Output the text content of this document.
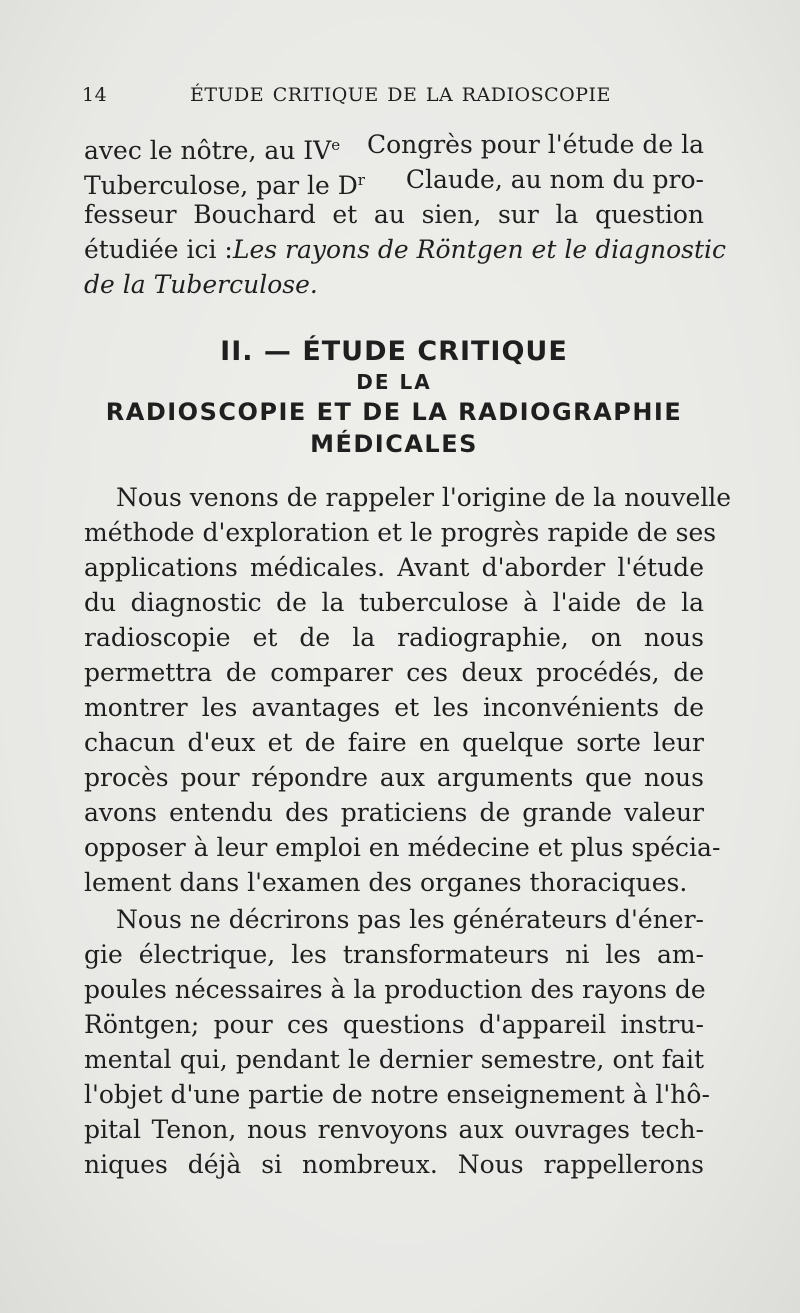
14	ÉTUDE CRITIQUE DE LA RADIOSCOPIE
avec le nôtre, au IVe Congrès pour l'étude de la
Tuberculose, par le Dr Claude, au nom du pro-
fesseur Bouchard et au sien, sur la question
étudiée ici : Les rayons de Röntgen et le diagnostic
de la Tuberculose.
II. — ÉTUDE CRITIQUE
DE LA
RADIOSCOPIE ET DE LA RADIOGRAPHIE
MÉDICALES
Nous venons de rappeler l'origine de la nouvelle
méthode d'exploration et le progrès rapide de ses
applications médicales. Avant d'aborder l'étude
du diagnostic de la tuberculose à l'aide de la
radioscopie et de la radiographie, on nous
permettra de comparer ces deux procédés, de
montrer les avantages et les inconvénients de
chacun d'eux et de faire en quelque sorte leur
procès pour répondre aux arguments que nous
avons entendu des praticiens de grande valeur
opposer à leur emploi en médecine et plus spécia-
lement dans l'examen des organes thoraciques.
Nous ne décrirons pas les générateurs d'éner-
gie électrique, les transformateurs ni les am-
poules nécessaires à la production des rayons de
Röntgen; pour ces questions d'appareil instru-
mental qui, pendant le dernier semestre, ont fait
l'objet d'une partie de notre enseignement à l'hô-
pital Tenon, nous renvoyons aux ouvrages tech-
niques déjà si nombreux. Nous rappellerons
